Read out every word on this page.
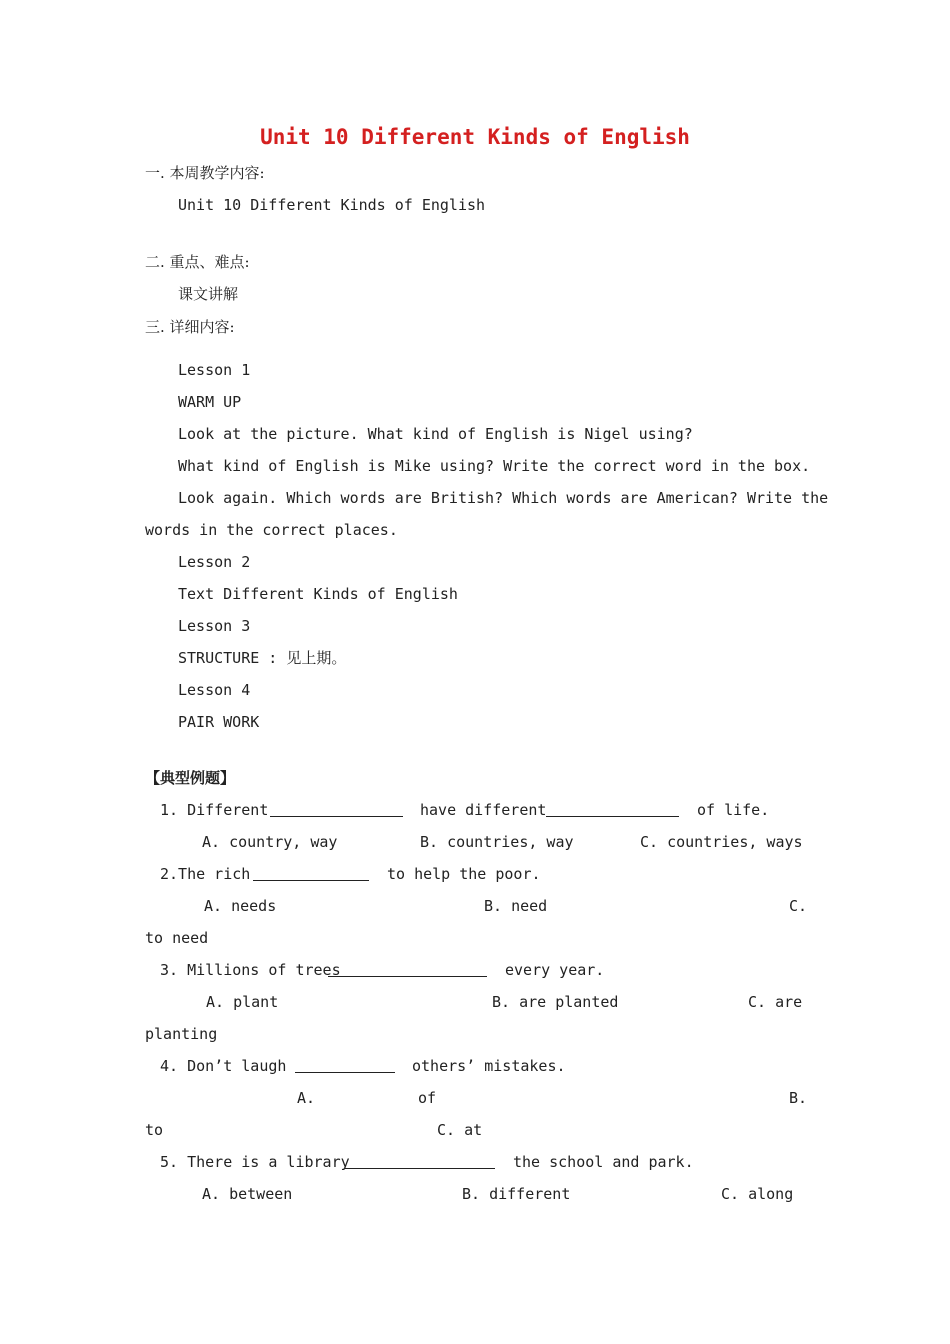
Unit 10 Different Kinds of English
一. 本周教学内容:
Unit 10 Different Kinds of English
二. 重点、难点:
课文讲解
三. 详细内容:
Lesson 1
WARM UP
Look at the picture. What kind of English is Nigel using?
What kind of English is Mike using? Write the correct word in the box.
Look again. Which words are British? Which words are American? Write the
words in the correct places.
Lesson 2
Text Different Kinds of English
Lesson 3
STRUCTURE : 见上期。
Lesson 4
PAIR WORK
【典型例题】
1. Different	have different	of life.
A. country, way	B. countries, way	C. countries, ways
2.The rich	to help the poor.
A. needs	B. need	C.
to need
3. Millions of trees	every year.
A. plant	B. are planted	C. are
planting
4. Don’t laugh	others’ mistakes.
A.	of	B.
to	C. at
5. There is a library	the school and park.
A. between	B. different	C. along
